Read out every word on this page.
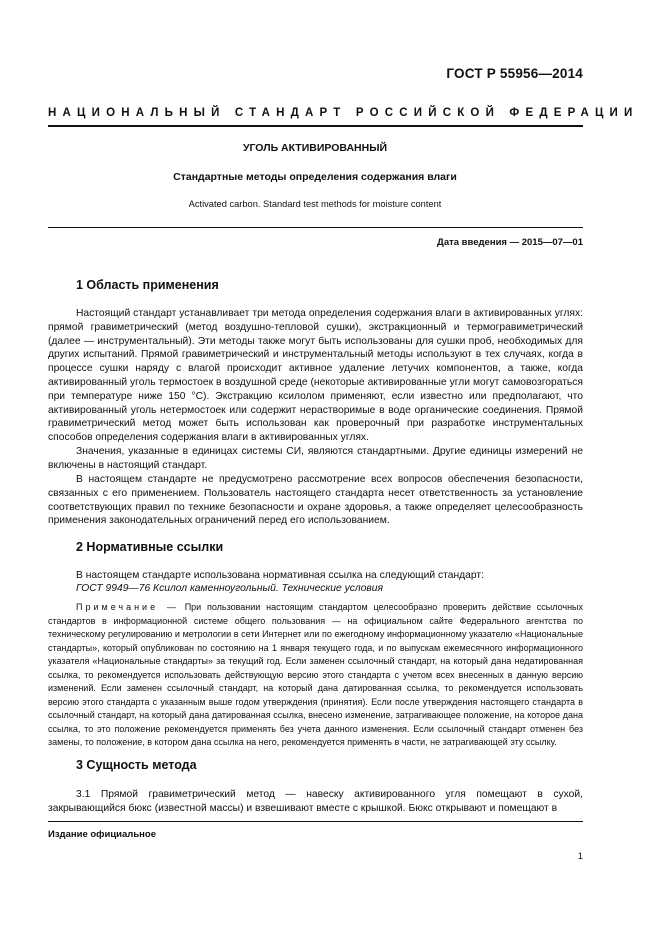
ГОСТ Р 55956—2014
НАЦИОНАЛЬНЫЙ СТАНДАРТ РОССИЙСКОЙ ФЕДЕРАЦИИ
УГОЛЬ АКТИВИРОВАННЫЙ
Стандартные методы определения содержания влаги
Activated carbon. Standard test methods for moisture content
Дата введения — 2015—07—01
1 Область применения
Настоящий стандарт устанавливает три метода определения содержания влаги в активированных углях: прямой гравиметрический (метод воздушно-тепловой сушки), экстракционный и термогравиметрический (далее — инструментальный). Эти методы также могут быть использованы для сушки проб, необходимых для других испытаний. Прямой гравиметрический и инструментальный методы используют в тех случаях, когда в процессе сушки наряду с влагой происходит активное удаление летучих компонентов, а также, когда активированный уголь термостоек в воздушной среде (некоторые активированные угли могут самовозгораться при температуре ниже 150 °С). Экстракцию ксилолом применяют, если известно или предполагают, что активированный уголь нетермостоек или содержит нерастворимые в воде органические соединения. Прямой гравиметрический метод может быть использован как проверочный при разработке инструментальных способов определения содержания влаги в активированных углях.
Значения, указанные в единицах системы СИ, являются стандартными. Другие единицы измерений не включены в настоящий стандарт.
В настоящем стандарте не предусмотрено рассмотрение всех вопросов обеспечения безопасности, связанных с его применением. Пользователь настоящего стандарта несет ответственность за установление соответствующих правил по технике безопасности и охране здоровья, а также определяет целесообразность применения законодательных ограничений перед его использованием.
2 Нормативные ссылки
В настоящем стандарте использована нормативная ссылка на следующий стандарт:
ГОСТ 9949—76 Ксилол каменноугольный. Технические условия
Примечание — При пользовании настоящим стандартом целесообразно проверить действие ссылочных стандартов в информационной системе общего пользования — на официальном сайте Федерального агентства по техническому регулированию и метрологии в сети Интернет или по ежегодному информационному указателю «Национальные стандарты», который опубликован по состоянию на 1 января текущего года, и по выпускам ежемесячного информационного указателя «Национальные стандарты» за текущий год. Если заменен ссылочный стандарт, на который дана недатированная ссылка, то рекомендуется использовать действующую версию этого стандарта с учетом всех внесенных в данную версию изменений. Если заменен ссылочный стандарт, на который дана датированная ссылка, то рекомендуется использовать версию этого стандарта с указанным выше годом утверждения (принятия). Если после утверждения настоящего стандарта в ссылочный стандарт, на который дана датированная ссылка, внесено изменение, затрагивающее положение, на которое дана ссылка, то это положение рекомендуется применять без учета данного изменения. Если ссылочный стандарт отменен без замены, то положение, в котором дана ссылка на него, рекомендуется применять в части, не затрагивающей эту ссылку.
3 Сущность метода
3.1 Прямой гравиметрический метод — навеску активированного угля помещают в сухой, закрывающийся бюкс (известной массы) и взвешивают вместе с крышкой. Бюкс открывают и помещают в
Издание официальное
1
